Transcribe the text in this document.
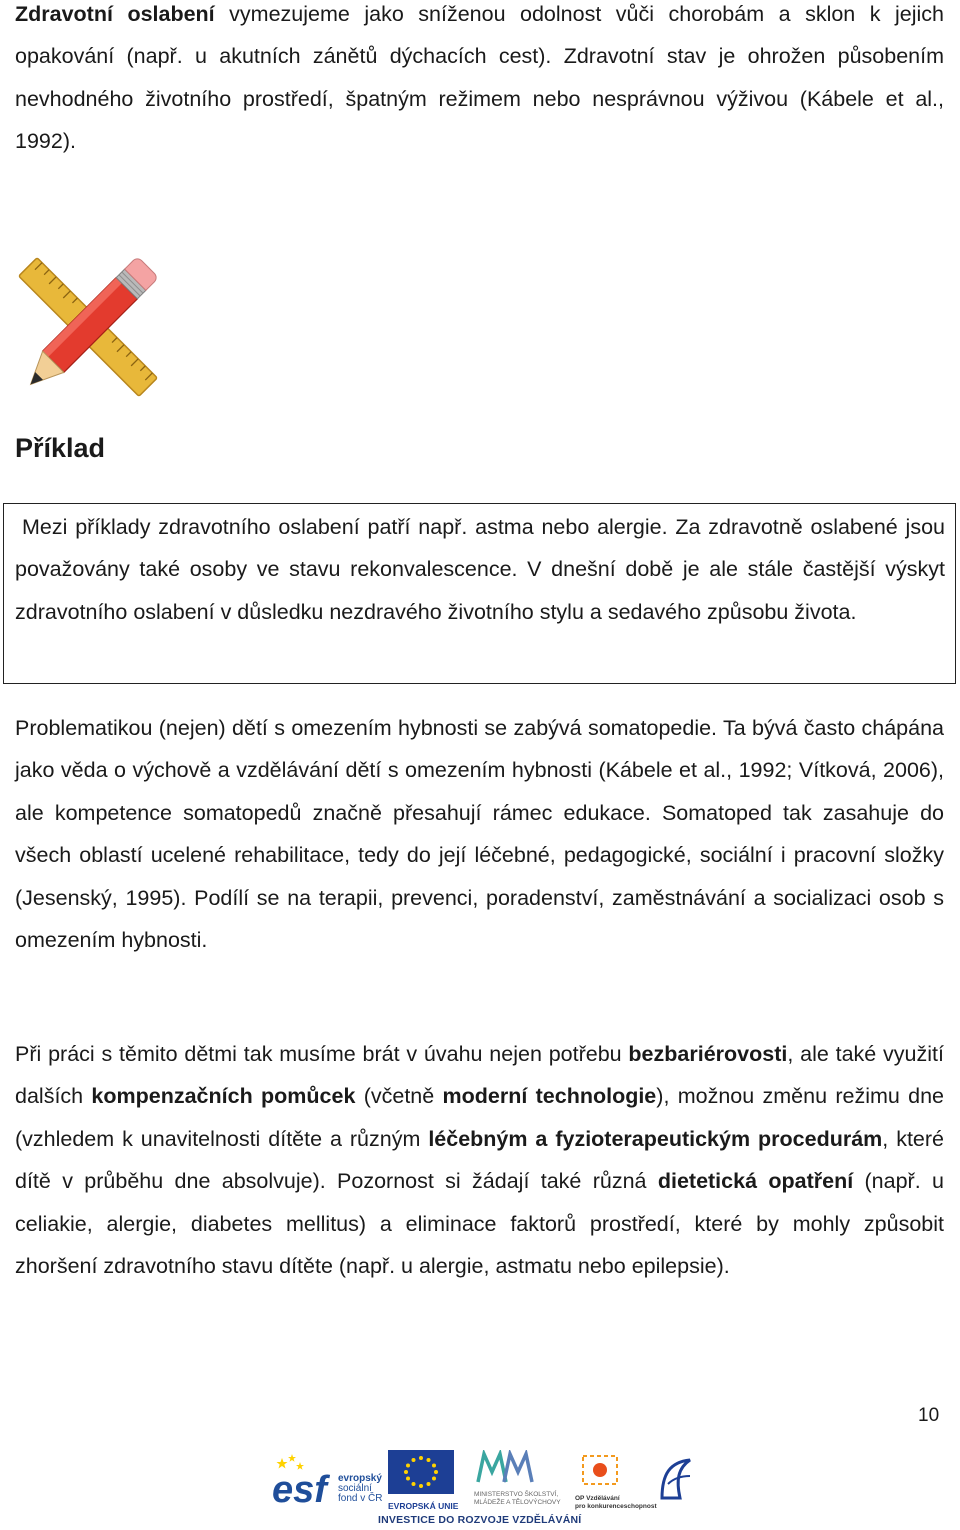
Zdravotní oslabení vymezujeme jako sníženou odolnost vůči chorobám a sklon k jejich opakování (např. u akutních zánětů dýchacích cest). Zdravotní stav je ohrožen působením nevhodného životního prostředí, špatným režimem nebo nesprávnou výživou (Kábele et al., 1992).

Příklad

Mezi příklady zdravotního oslabení patří např. astma nebo alergie. Za zdravotně oslabené jsou považovány také osoby ve stavu rekonvalescence. V dnešní době je ale stále častější výskyt zdravotního oslabení v důsledku nezdravého životního stylu a sedavého způsobu života.

Problematikou (nejen) dětí s omezením hybnosti se zabývá somatopedie. Ta bývá často chápána jako věda o výchově a vzdělávání dětí s omezením hybnosti (Kábele et al., 1992; Vítková, 2006), ale kompetence somatopedů značně přesahují rámec edukace. Somatoped tak zasahuje do všech oblastí ucelené rehabilitace, tedy do její léčebné, pedagogické, sociální i pracovní složky (Jesenský, 1995). Podílí se na terapii, prevenci, poradenství, zaměstnávání a socializaci osob s omezením hybnosti.

Při práci s těmito dětmi tak musíme brát v úvahu nejen potřebu bezbariérovosti, ale také využití dalších kompenzačních pomůcek (včetně moderní technologie), možnou změnu režimu dne (vzhledem k unavitelnosti dítěte a různým léčebným a fyzioterapeutickým procedurám, které dítě v průběhu dne absolvuje). Pozornost si žádají také různá dietetická opatření (např. u celiakie, alergie, diabetes mellitus) a eliminace faktorů prostředí, které by mohly způsobit zhoršení zdravotního stavu dítěte (např. u alergie, astmatu nebo epilepsie).

10

esf	evropský
sociální
fond v ČR
EVROPSKÁ UNIE
MINISTERSTVO ŠKOLSTVÍ,
MLÁDEŽE A TĚLOVÝCHOVY
OP Vzdělávání
pro konkurenceschopnost
INVESTICE DO ROZVOJE VZDĚLÁVÁNÍ
